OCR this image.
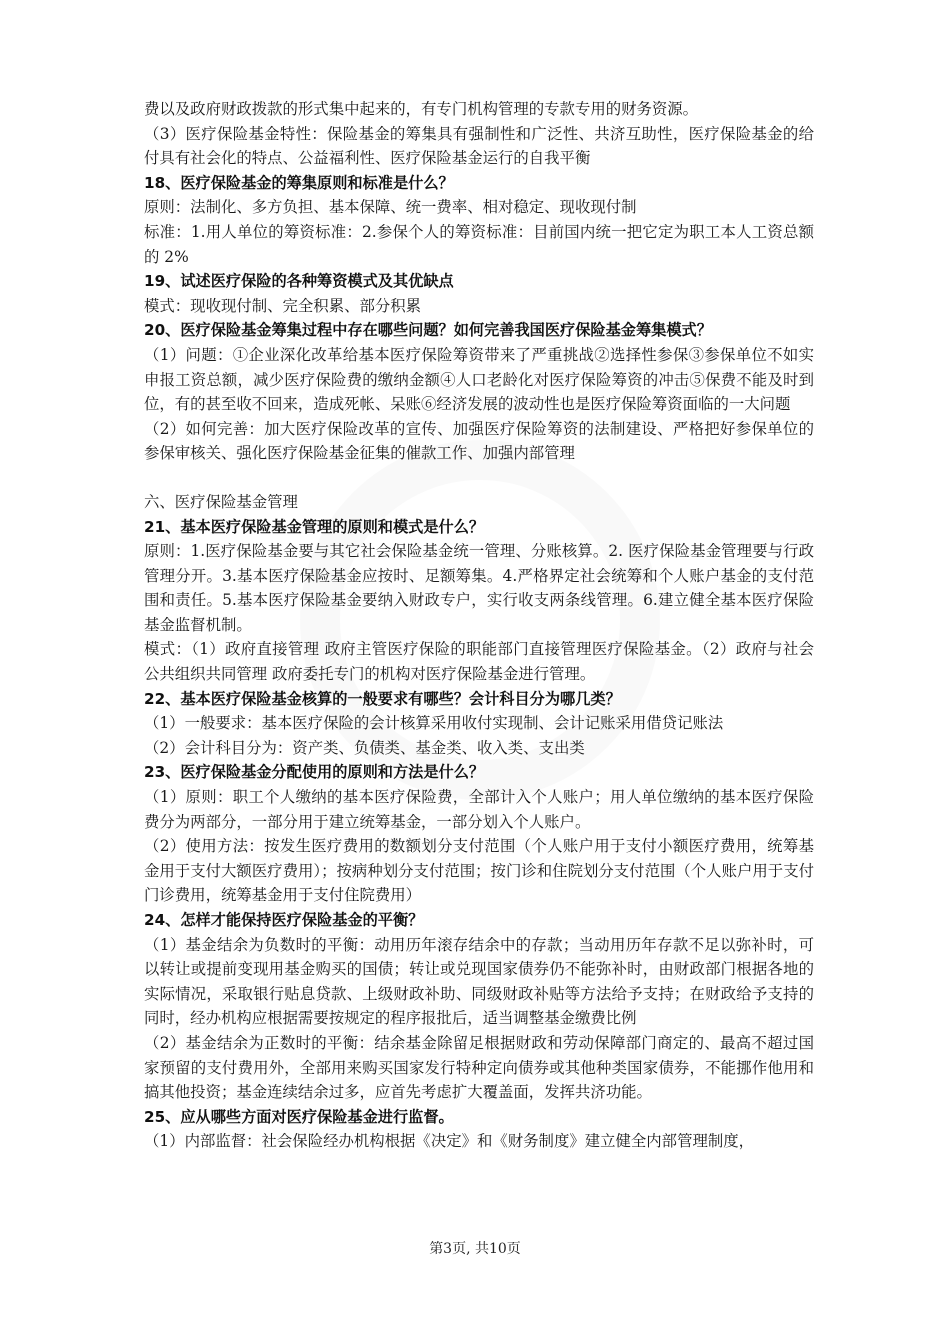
费以及政府财政拨款的形式集中起来的，有专门机构管理的专款专用的财务资源。

（3）医疗保险基金特性：保险基金的筹集具有强制性和广泛性、共济互助性，医疗保险基金的给付具有社会化的特点、公益福利性、医疗保险基金运行的自我平衡

18、医疗保险基金的筹集原则和标准是什么？

原则：法制化、多方负担、基本保障、统一费率、相对稳定、现收现付制

标准：1.用人单位的筹资标准：2.参保个人的筹资标准：目前国内统一把它定为职工本人工资总额的 2%

19、试述医疗保险的各种筹资模式及其优缺点

模式：现收现付制、完全积累、部分积累

20、医疗保险基金筹集过程中存在哪些问题？如何完善我国医疗保险基金筹集模式？

（1）问题：①企业深化改革给基本医疗保险筹资带来了严重挑战②选择性参保③参保单位不如实申报工资总额，减少医疗保险费的缴纳金额④人口老龄化对医疗保险筹资的冲击⑤保费不能及时到位，有的甚至收不回来，造成死帐、呆账⑥经济发展的波动性也是医疗保险筹资面临的一大问题

（2）如何完善：加大医疗保险改革的宣传、加强医疗保险筹资的法制建设、严格把好参保单位的参保审核关、强化医疗保险基金征集的催款工作、加强内部管理

六、医疗保险基金管理

21、基本医疗保险基金管理的原则和模式是什么？

原则：1.医疗保险基金要与其它社会保险基金统一管理、分账核算。2. 医疗保险基金管理要与行政管理分开。3.基本医疗保险基金应按时、足额筹集。4.严格界定社会统筹和个人账户基金的支付范围和责任。5.基本医疗保险基金要纳入财政专户，实行收支两条线管理。6.建立健全基本医疗保险基金监督机制。

模式：（1）政府直接管理 政府主管医疗保险的职能部门直接管理医疗保险基金。（2）政府与社会公共组织共同管理 政府委托专门的机构对医疗保险基金进行管理。

22、基本医疗保险基金核算的一般要求有哪些？会计科目分为哪几类？

（1）一般要求：基本医疗保险的会计核算采用收付实现制、会计记账采用借贷记账法

（2）会计科目分为：资产类、负债类、基金类、收入类、支出类

23、医疗保险基金分配使用的原则和方法是什么？

（1）原则：职工个人缴纳的基本医疗保险费，全部计入个人账户；用人单位缴纳的基本医疗保险费分为两部分，一部分用于建立统筹基金，一部分划入个人账户。

（2）使用方法：按发生医疗费用的数额划分支付范围（个人账户用于支付小额医疗费用，统筹基金用于支付大额医疗费用）；按病种划分支付范围；按门诊和住院划分支付范围（个人账户用于支付门诊费用，统筹基金用于支付住院费用）

24、怎样才能保持医疗保险基金的平衡？

（1）基金结余为负数时的平衡：动用历年滚存结余中的存款；当动用历年存款不足以弥补时，可以转让或提前变现用基金购买的国债；转让或兑现国家债券仍不能弥补时，由财政部门根据各地的实际情况，采取银行贴息贷款、上级财政补助、同级财政补贴等方法给予支持；在财政给予支持的同时，经办机构应根据需要按规定的程序报批后，适当调整基金缴费比例

（2）基金结余为正数时的平衡：结余基金除留足根据财政和劳动保障部门商定的、最高不超过国家预留的支付费用外，全部用来购买国家发行特种定向债券或其他种类国家债券，不能挪作他用和搞其他投资；基金连续结余过多，应首先考虑扩大覆盖面，发挥共济功能。

25、应从哪些方面对医疗保险基金进行监督。

（1）内部监督：社会保险经办机构根据《决定》和《财务制度》建立健全内部管理制度，

第3页, 共10页
